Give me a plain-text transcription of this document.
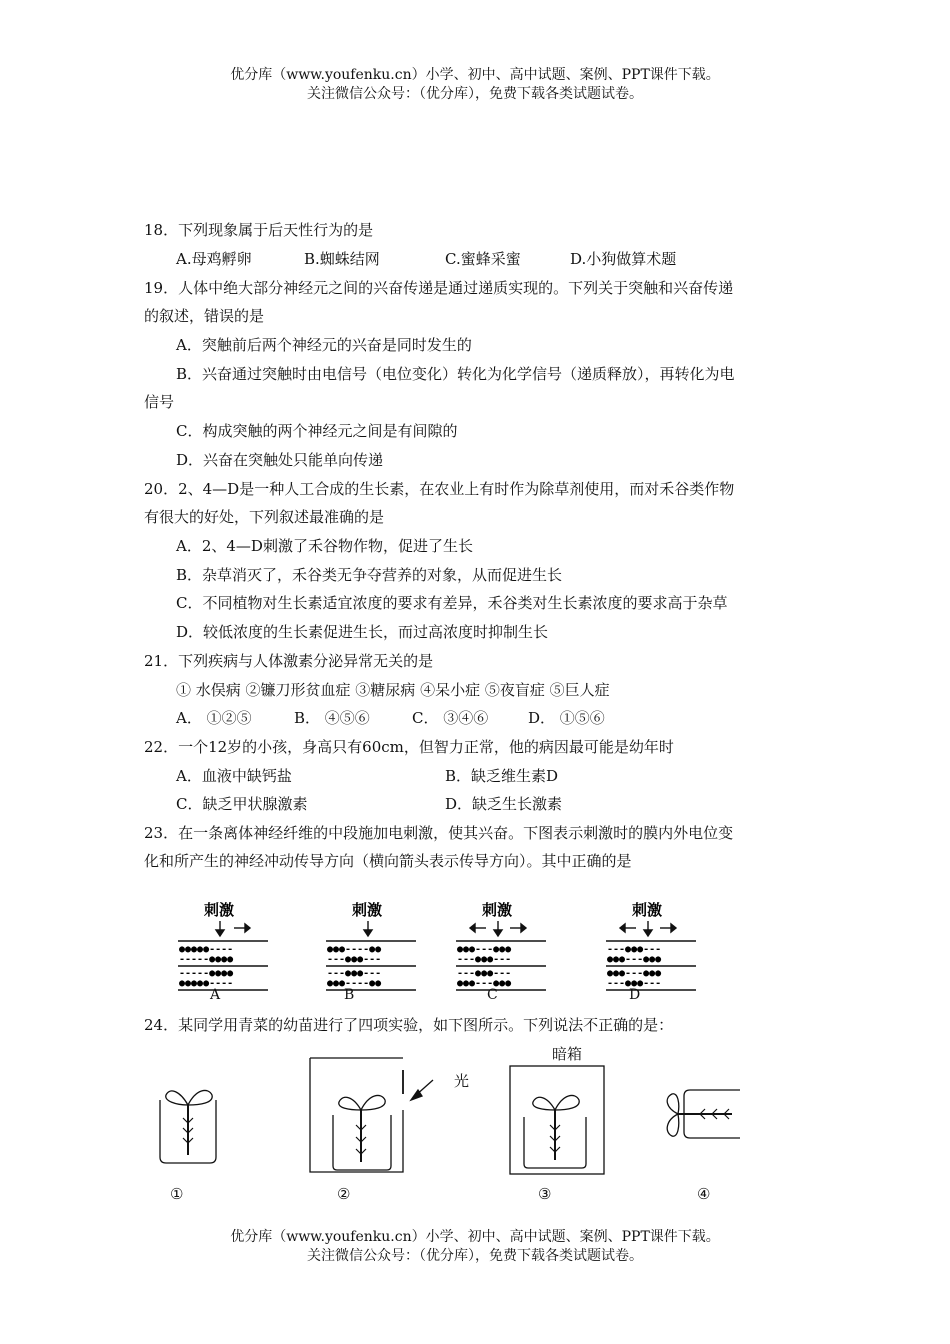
优分库（www.youfenku.cn）小学、初中、高中试题、案例、PPT课件下载。
关注微信公众号：（优分库），免费下载各类试题试卷。
18．下列现象属于后天性行为的是
A.母鸡孵卵	B.蜘蛛结网	C.蜜蜂采蜜	D.小狗做算术题
19．人体中绝大部分神经元之间的兴奋传递是通过递质实现的。下列关于突触和兴奋传递
的叙述，错误的是
A．突触前后两个神经元的兴奋是同时发生的
B．兴奋通过突触时由电信号（电位变化）转化为化学信号（递质释放），再转化为电
信号
C．构成突触的两个神经元之间是有间隙的
D．兴奋在突触处只能单向传递
20．2、4—D是一种人工合成的生长素，在农业上有时作为除草剂使用，而对禾谷类作物
有很大的好处，下列叙述最准确的是
A．2、4—D刺激了禾谷物作物，促进了生长
B．杂草消灭了，禾谷类无争夺营养的对象，从而促进生长
C．不同植物对生长素适宜浓度的要求有差异，禾谷类对生长素浓度的要求高于杂草
D．较低浓度的生长素促进生长，而过高浓度时抑制生长
21．下列疾病与人体激素分泌异常无关的是
① 水俣病 ②镰刀形贫血症 ③糖尿病 ④呆小症 ⑤夜盲症 ⑤巨人症
A． ①②⑤	B． ④⑤⑥	C． ③④⑥	D． ①⑤⑥
22．一个12岁的小孩，身高只有60cm，但智力正常，他的病因最可能是幼年时
A．血液中缺钙盐	B．缺乏维生素D
C．缺乏甲状腺激素	D．缺乏生长激素
23．在一条离体神经纤维的中段施加电刺激，使其兴奋。下图表示刺激时的膜内外电位变
化和所产生的神经冲动传导方向（横向箭头表示传导方向）。其中正确的是
刺激
●●●●●----
-----●●●●
-----●●●●
●●●●●----
刺激
●●●----●●
---●●●---
---●●●---
●●●----●●
刺激
●●●---●●●
---●●●---
---●●●---
●●●---●●●
刺激
---●●●---
●●●---●●●
●●●---●●●
---●●●---
A	B	C	D
24．某同学用青菜的幼苗进行了四项实验，如下图所示。下列说法不正确的是：
光
暗箱
①	②	③	④
优分库（www.youfenku.cn）小学、初中、高中试题、案例、PPT课件下载。
关注微信公众号：（优分库），免费下载各类试题试卷。
